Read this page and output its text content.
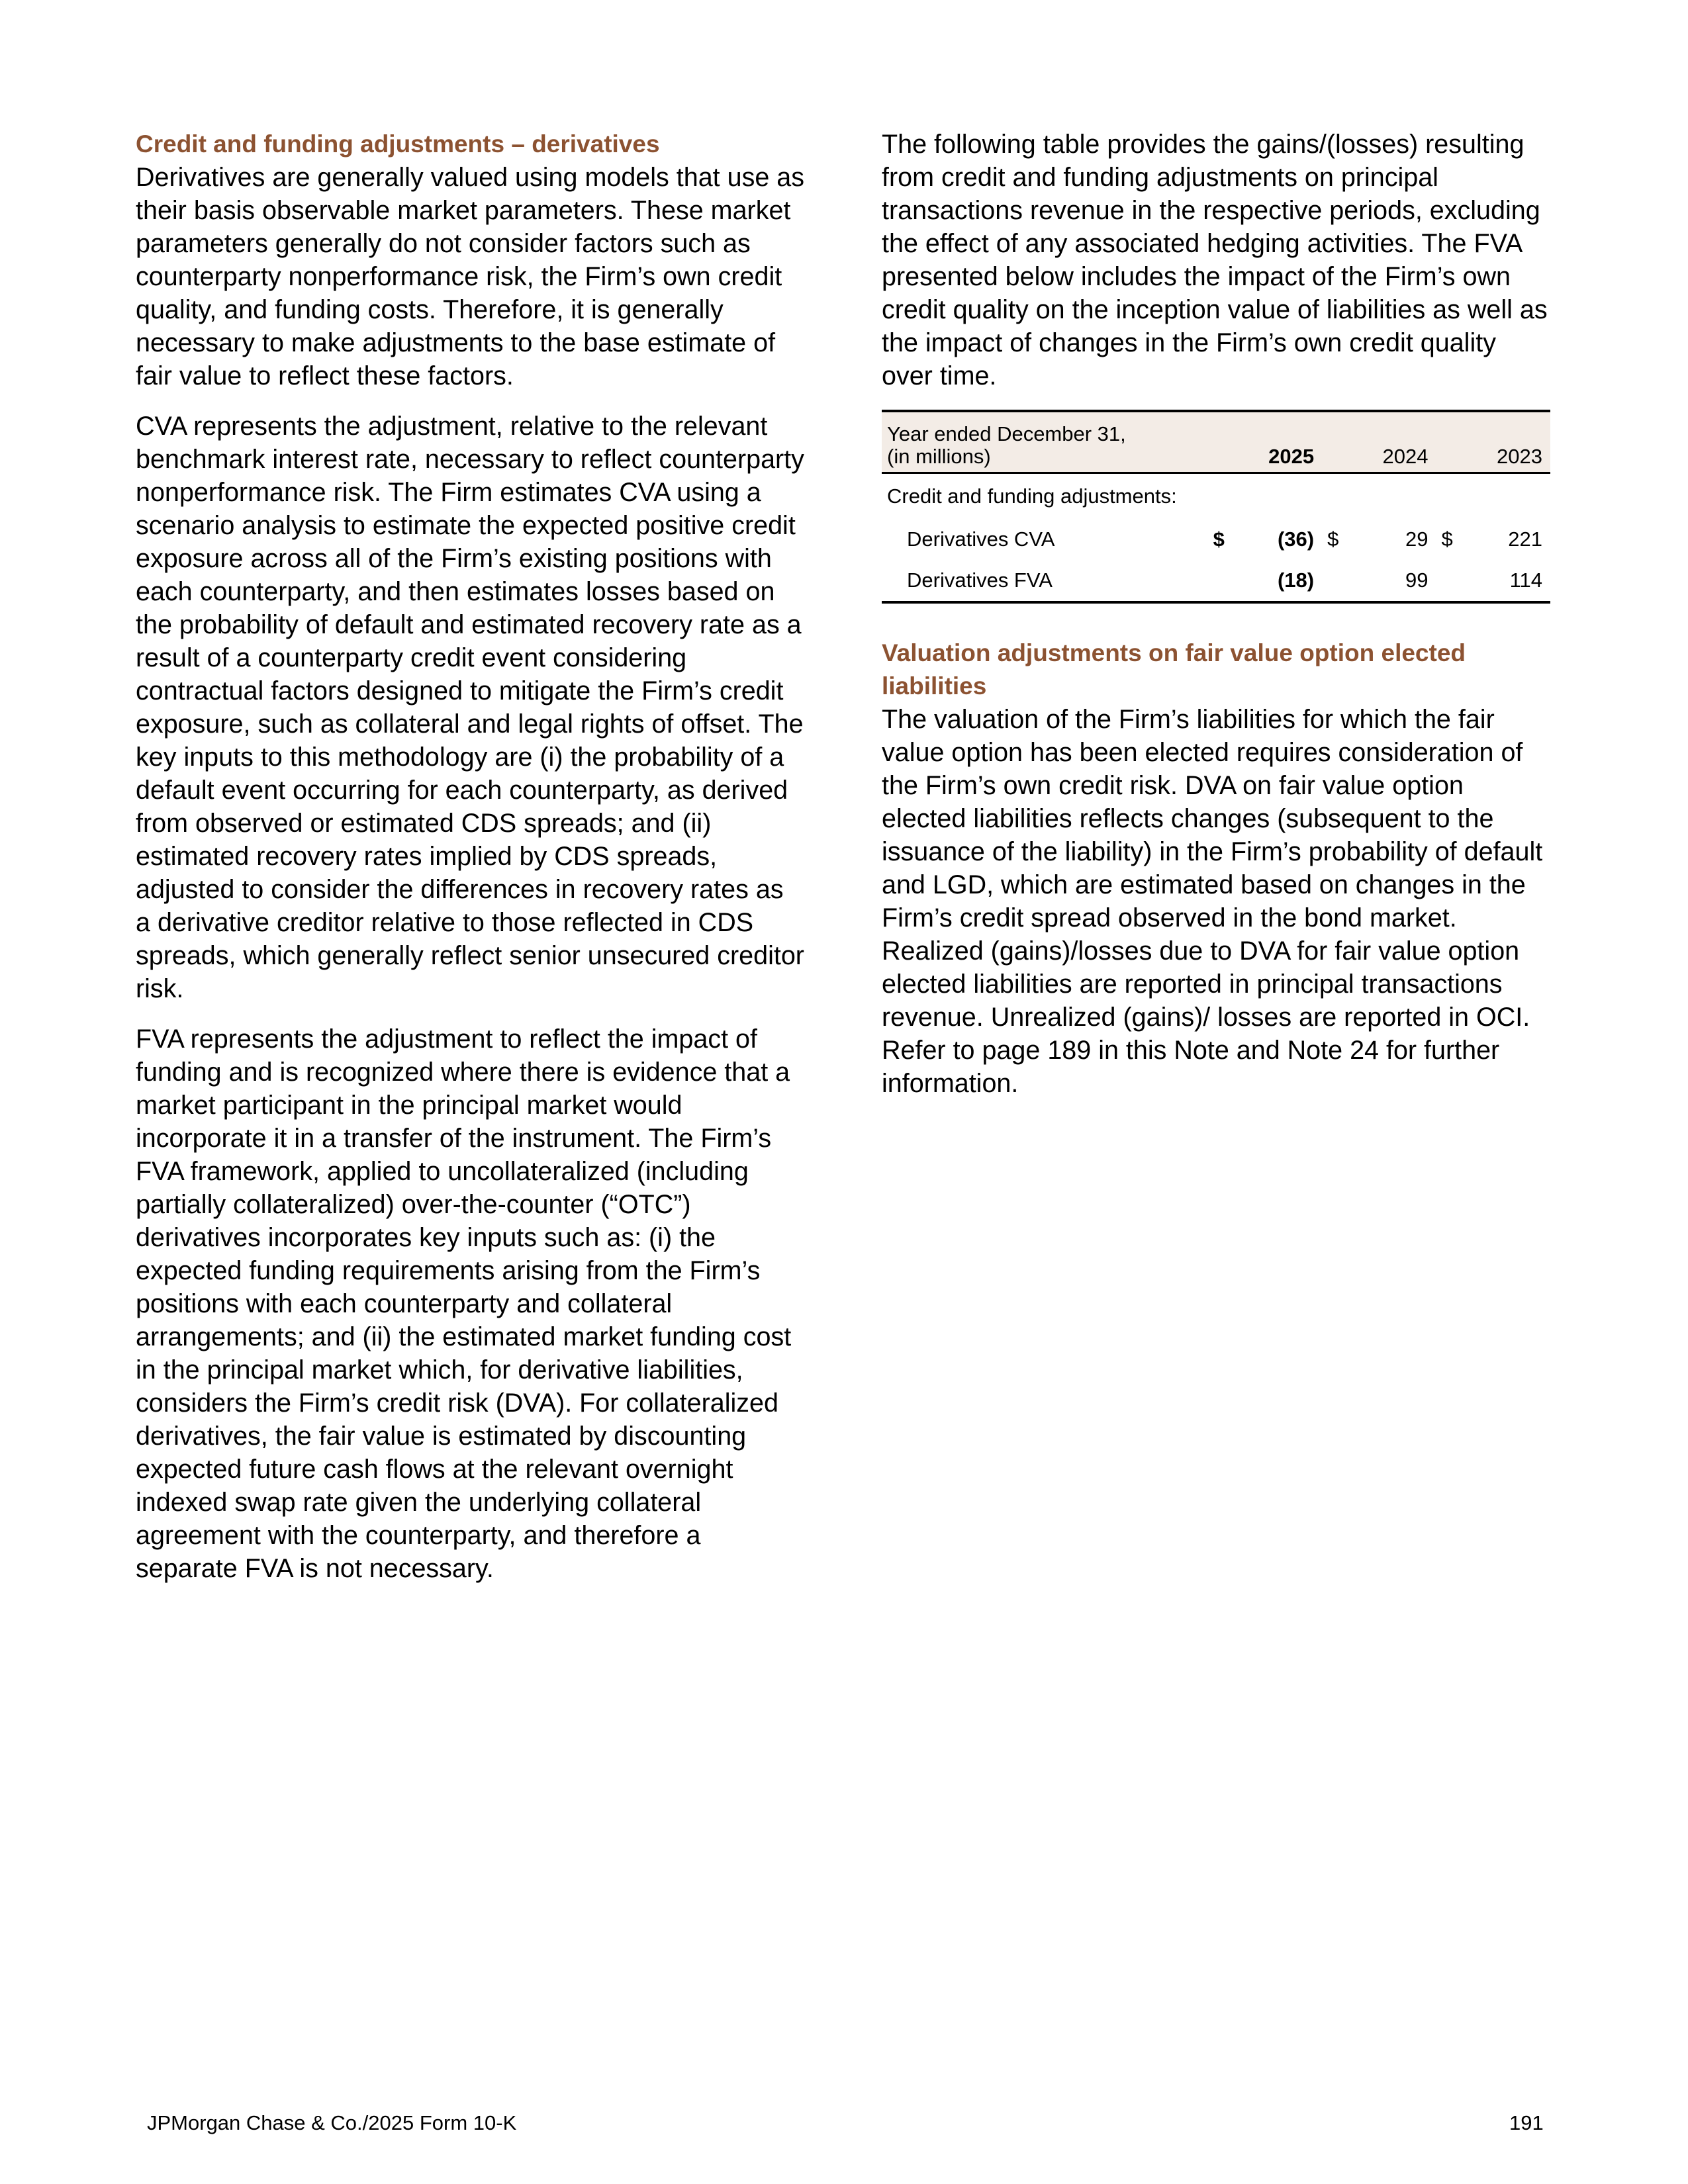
Credit and funding adjustments – derivatives

Derivatives are generally valued using models that use as their basis observable market parameters. These market parameters generally do not consider factors such as counterparty nonperformance risk, the Firm’s own credit quality, and funding costs. Therefore, it is generally necessary to make adjustments to the base estimate of fair value to reflect these factors.

CVA represents the adjustment, relative to the relevant benchmark interest rate, necessary to reflect counterparty nonperformance risk. The Firm estimates CVA using a scenario analysis to estimate the expected positive credit exposure across all of the Firm’s existing positions with each counterparty, and then estimates losses based on the probability of default and estimated recovery rate as a result of a counterparty credit event considering contractual factors designed to mitigate the Firm’s credit exposure, such as collateral and legal rights of offset. The key inputs to this methodology are (i) the probability of a default event occurring for each counterparty, as derived from observed or estimated CDS spreads; and (ii) estimated recovery rates implied by CDS spreads, adjusted to consider the differences in recovery rates as a derivative creditor relative to those reflected in CDS spreads, which generally reflect senior unsecured creditor risk.

FVA represents the adjustment to reflect the impact of funding and is recognized where there is evidence that a market participant in the principal market would incorporate it in a transfer of the instrument. The Firm’s FVA framework, applied to uncollateralized (including partially collateralized) over-the-counter (“OTC”) derivatives incorporates key inputs such as: (i) the expected funding requirements arising from the Firm’s positions with each counterparty and collateral arrangements; and (ii) the estimated market funding cost in the principal market which, for derivative liabilities, considers the Firm’s credit risk (DVA). For collateralized derivatives, the fair value is estimated by discounting expected future cash flows at the relevant overnight indexed swap rate given the underlying collateral agreement with the counterparty, and therefore a separate FVA is not necessary.

The following table provides the gains/(losses) resulting from credit and funding adjustments on principal transactions revenue in the respective periods, excluding the effect of any associated hedging activities. The FVA presented below includes the impact of the Firm’s own credit quality on the inception value of liabilities as well as the impact of changes in the Firm’s own credit quality over time.

Year ended December 31,
(in millions)		2025	2024		2023	
Credit and funding adjustments:						
Derivatives CVA	$	(36)	$	29	$	221
Derivatives FVA		(18)		99		114
Valuation adjustments on fair value option elected liabilities

The valuation of the Firm’s liabilities for which the fair value option has been elected requires consideration of the Firm’s own credit risk. DVA on fair value option elected liabilities reflects changes (subsequent to the issuance of the liability) in the Firm’s probability of default and LGD, which are estimated based on changes in the Firm’s credit spread observed in the bond market. Realized (gains)/losses due to DVA for fair value option elected liabilities are reported in principal transactions revenue. Unrealized (gains)/ losses are reported in OCI. Refer to page 189 in this Note and Note 24 for further information.

JPMorgan Chase & Co./2025 Form 10-K	191
